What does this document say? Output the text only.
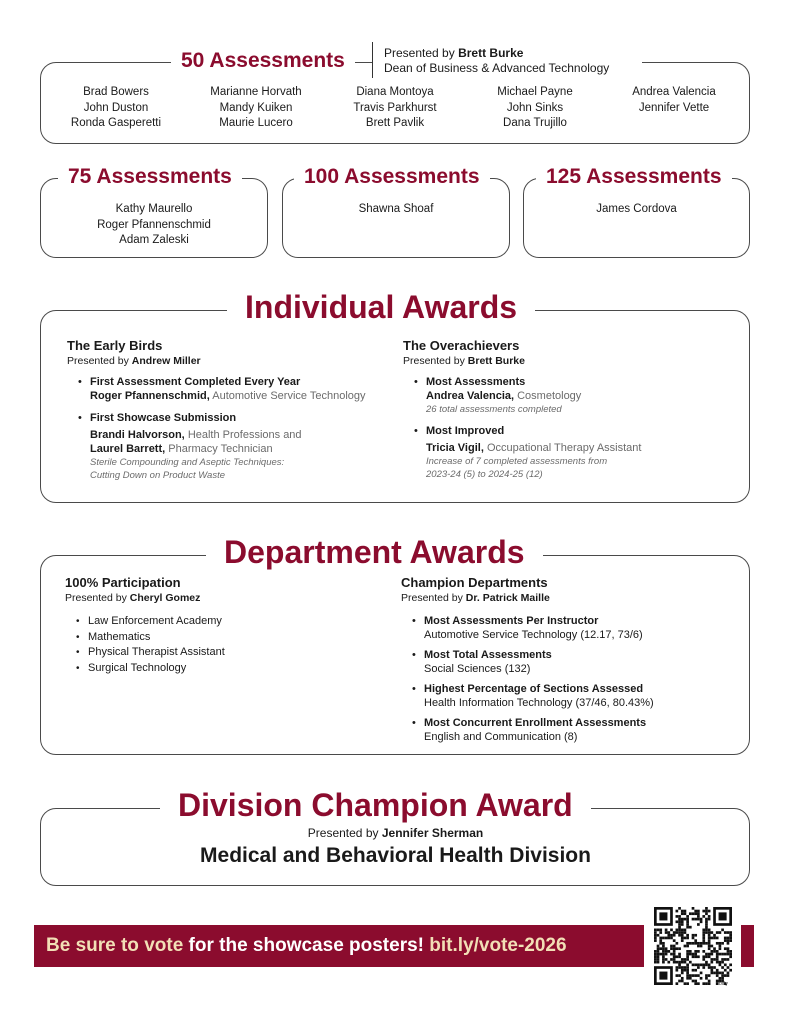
50 Assessments	Presented by Brett Burke
Dean of Business & Advanced Technology
Brad Bowers
John Duston
Ronda Gasperetti
Marianne Horvath
Mandy Kuiken
Maurie Lucero
Diana Montoya
Travis Parkhurst
Brett Pavlik
Michael Payne
John Sinks
Dana Trujillo
Andrea Valencia
Jennifer Vette
75 Assessments
Kathy Maurello
Roger Pfannenschmid
Adam Zaleski
100 Assessments
Shawna Shoaf
125 Assessments
James Cordova
Individual Awards
The Early Birds
Presented by Andrew Miller
• First Assessment Completed Every Year
Roger Pfannenschmid, Automotive Service Technology
• First Showcase Submission
Brandi Halvorson, Health Professions and
Laurel Barrett, Pharmacy Technician
Sterile Compounding and Aseptic Techniques:
Cutting Down on Product Waste
The Overachievers
Presented by Brett Burke
• Most Assessments
Andrea Valencia, Cosmetology
26 total assessments completed
• Most Improved
Tricia Vigil, Occupational Therapy Assistant
Increase of 7 completed assessments from
2023-24 (5) to 2024-25 (12)
Department Awards
100% Participation
Presented by Cheryl Gomez
• Law Enforcement Academy
• Mathematics
• Physical Therapist Assistant
• Surgical Technology
Champion Departments
Presented by Dr. Patrick Maille
• Most Assessments Per Instructor
Automotive Service Technology (12.17, 73/6)
• Most Total Assessments
Social Sciences (132)
• Highest Percentage of Sections Assessed
Health Information Technology (37/46, 80.43%)
• Most Concurrent Enrollment Assessments
English and Communication (8)
Division Champion Award
Presented by Jennifer Sherman
Medical and Behavioral Health Division
Be sure to vote for the showcase posters! bit.ly/vote-2026
bitly
